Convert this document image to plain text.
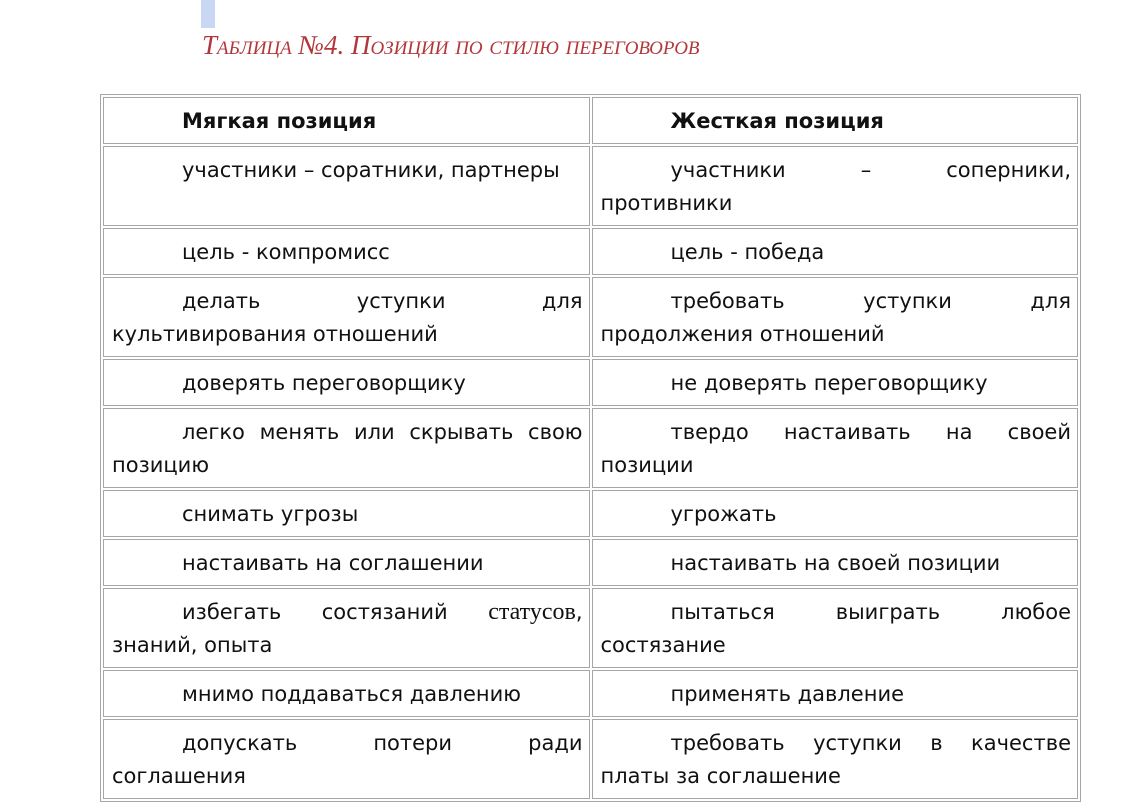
Таблица №4. Позиции по стилю переговоров
Мягкая позиция	Жесткая позиция
участники – соратники, партнеры	участники – соперники, противники
цель - компромисс	цель - победа
делать уступки для культивирования отношений	требовать уступки для продолжения отношений
доверять переговорщику	не доверять переговорщику
легко менять или скрывать свою позицию	твердо настаивать на своей позиции
снимать угрозы	угрожать
настаивать на соглашении	настаивать на своей позиции
избегать состязаний статусов, знаний, опыта	пытаться выиграть любое состязание
мнимо поддаваться давлению	применять давление
допускать потери ради соглашения	требовать уступки в качестве платы за соглашение
